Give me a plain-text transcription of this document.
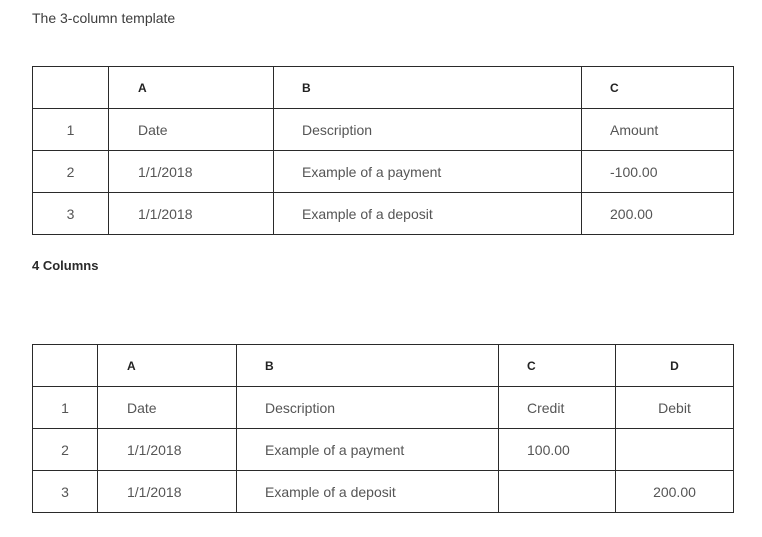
The 3-column template
	A	B	C
1	Date	Description	Amount
2	1/1/2018	Example of a payment	-100.00
3	1/1/2018	Example of a deposit	200.00
4 Columns
	A	B	C	D
1	Date	Description	Credit	Debit
2	1/1/2018	Example of a payment	100.00	
3	1/1/2018	Example of a deposit		200.00
